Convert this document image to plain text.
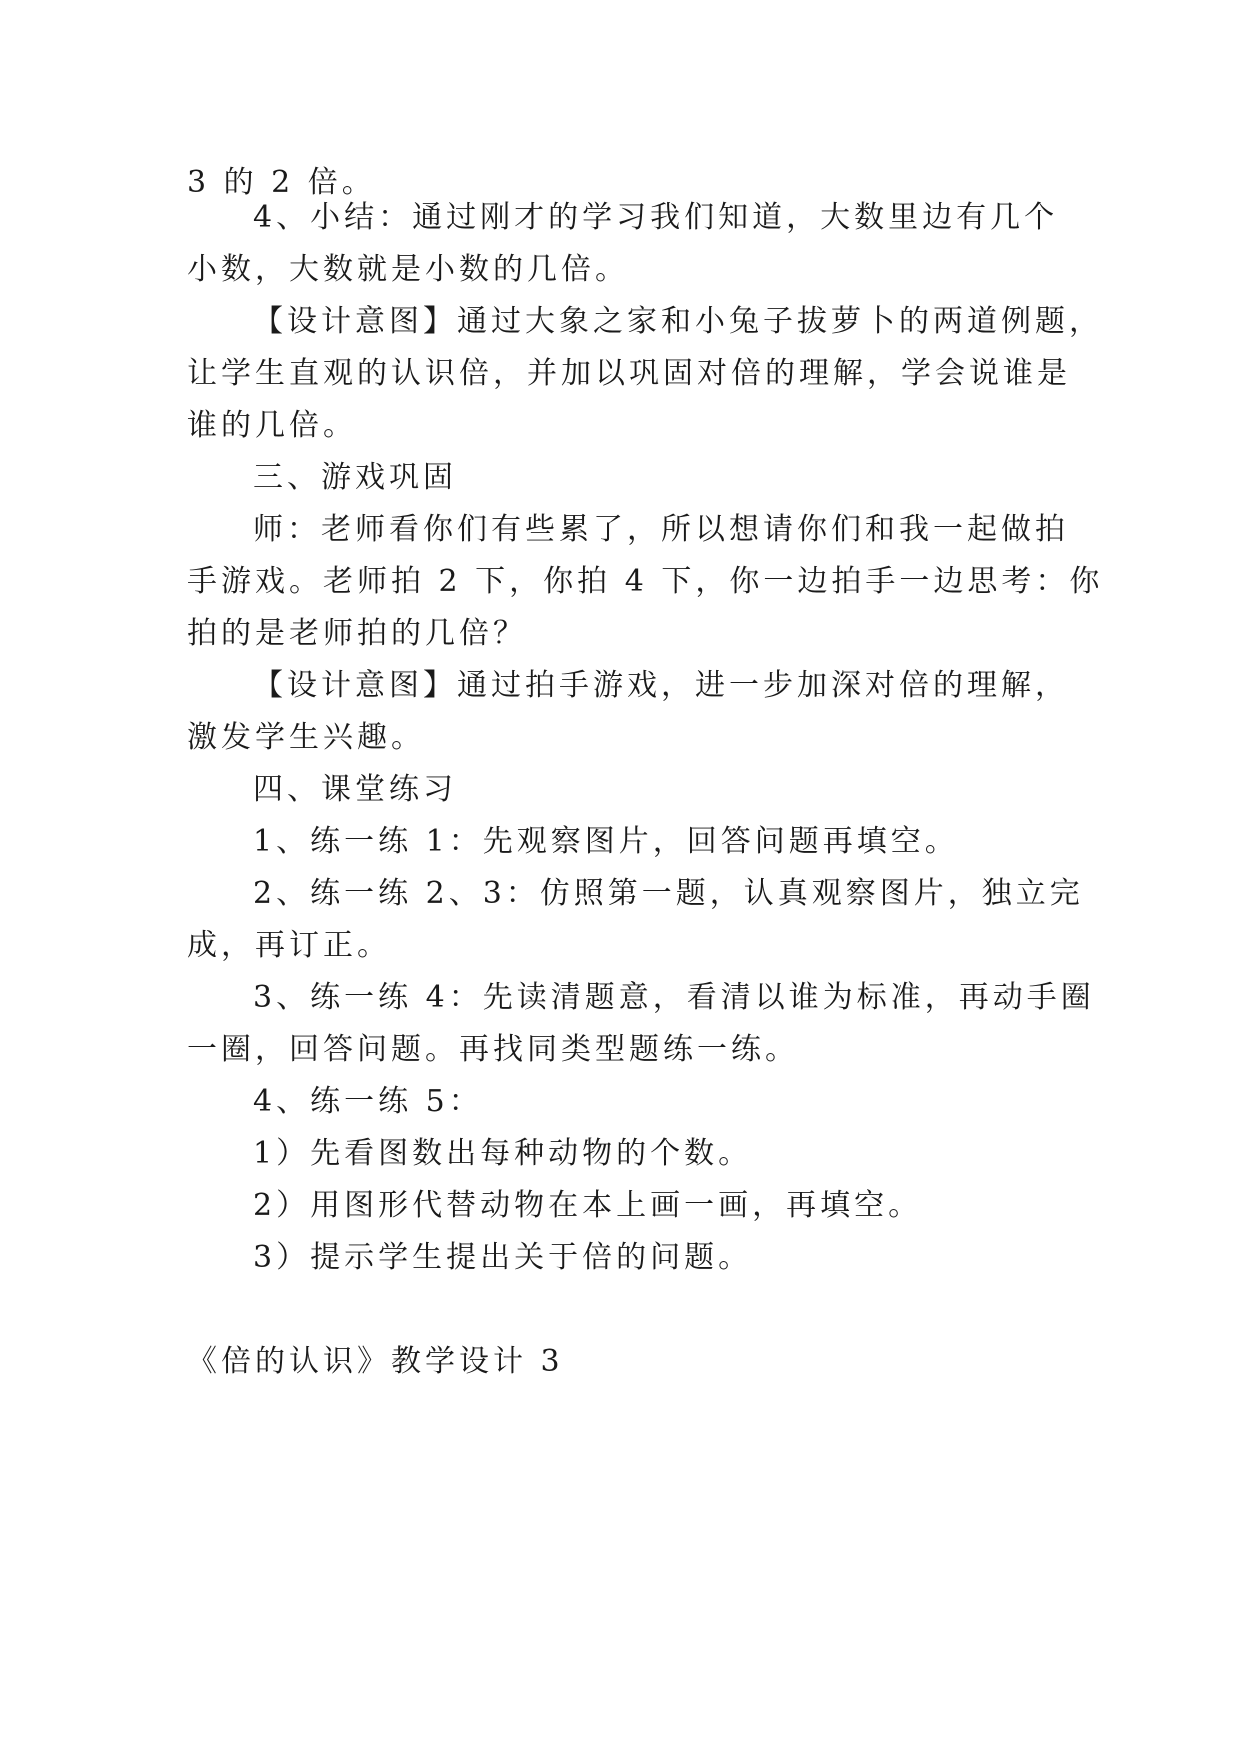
3 的 2 倍。
4、小结：通过刚才的学习我们知道，大数里边有几个
小数，大数就是小数的几倍。
【设计意图】通过大象之家和小兔子拔萝卜的两道例题，
让学生直观的认识倍，并加以巩固对倍的理解，学会说谁是
谁的几倍。
三、游戏巩固
师：老师看你们有些累了，所以想请你们和我一起做拍
手游戏。老师拍 2 下，你拍 4 下，你一边拍手一边思考：你
拍的是老师拍的几倍？
【设计意图】通过拍手游戏，进一步加深对倍的理解，
激发学生兴趣。
四、课堂练习
1、练一练 1：先观察图片，回答问题再填空。
2、练一练 2、3：仿照第一题，认真观察图片，独立完
成，再订正。
3、练一练 4：先读清题意，看清以谁为标准，再动手圈
一圈，回答问题。再找同类型题练一练。
4、练一练 5：
1）先看图数出每种动物的个数。
2）用图形代替动物在本上画一画，再填空。
3）提示学生提出关于倍的问题。
《倍的认识》教学设计 3
